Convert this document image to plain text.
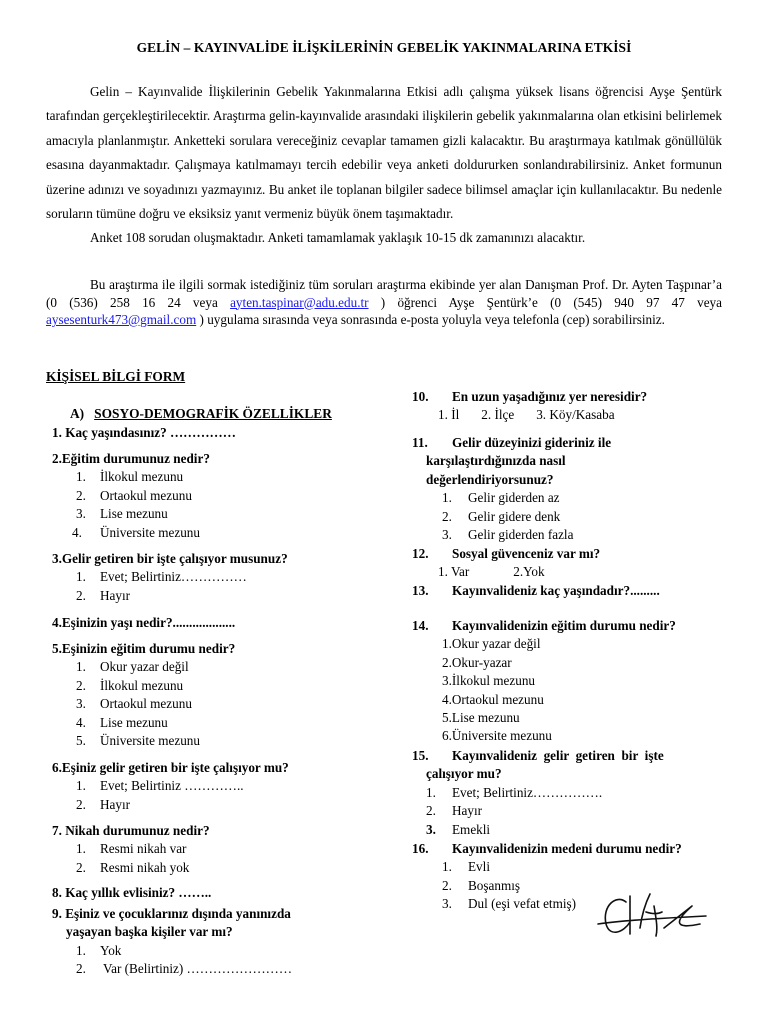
GELİN – KAYINVALİDE İLİŞKİLERİNİN GEBELİK YAKINMALARINA ETKİSİ

Gelin – Kayınvalide İlişkilerinin Gebelik Yakınmalarına Etkisi adlı çalışma yüksek lisans öğrencisi Ayşe Şentürk tarafından gerçekleştirilecektir. Araştırma gelin-kayınvalide arasındaki ilişkilerin gebelik yakınmalarına olan etkisini belirlemek amacıyla planlanmıştır. Anketteki sorulara vereceğiniz cevaplar tamamen gizli kalacaktır. Bu araştırmaya katılmak gönüllülük esasına dayanmaktadır. Çalışmaya katılmamayı tercih edebilir veya anketi doldururken sonlandırabilirsiniz. Anket formunun üzerine adınızı ve soyadınızı yazmayınız. Bu anket ile toplanan bilgiler sadece bilimsel amaçlar için kullanılacaktır. Bu nedenle soruların tümüne doğru ve eksiksiz yanıt vermeniz büyük önem taşımaktadır.

Anket 108 sorudan oluşmaktadır. Anketi tamamlamak yaklaşık 10-15 dk zamanınızı alacaktır.

Bu araştırma ile ilgili sormak istediğiniz tüm soruları araştırma ekibinde yer alan Danışman Prof. Dr. Ayten Taşpınar’a (0 (536) 258 16 24 veya ayten.taspinar@adu.edu.tr ) öğrenci Ayşe Şentürk’e (0 (545) 940 97 47 veya aysesenturk473@gmail.com ) uygulama sırasında veya sonrasında e-posta yoluyla veya telefonla (cep) sorabilirsiniz.

KİŞİSEL BİLGİ FORM
A) SOSYO-DEMOGRAFİK ÖZELLİKLER
1. Kaç yaşındasınız? ……………
2.Eğitim durumunuz nedir?
1.	İlkokul mezunu
2.	Ortaokul mezunu
3.	Lise mezunu
4.	Üniversite mezunu
3.Gelir getiren bir işte çalışıyor musunuz?
1.	Evet; Belirtiniz……………
2.	Hayır
4.Eşinizin yaşı nedir?...................
5.Eşinizin eğitim durumu nedir?
1.	Okur yazar değil
2.	İlkokul mezunu
3.	Ortaokul mezunu
4.	Lise mezunu
5.	Üniversite mezunu
6.Eşiniz gelir getiren bir işte çalışıyor mu?
1.	Evet; Belirtiniz …………..
2.	Hayır
7. Nikah durumunuz nedir?
1.	Resmi nikah var
2.	Resmi nikah yok
8. Kaç yıllık evlisiniz? ……..
9. Eşiniz ve çocuklarınız dışında yanınızda
yaşayan başka kişiler var mı?
1.	Yok
2.	Var (Belirtiniz) ……………………
10. En uzun yaşadığınız yer neresidir?
1. İl 2. İlçe 3. Köy/Kasaba
11. Gelir düzeyinizi gideriniz ile
karşılaştırdığınızda nasıl
değerlendiriyorsunuz?
1.	Gelir giderden az
2.	Gelir gidere denk
3.	Gelir giderden fazla
12. Sosyal güvenceniz var mı?
1. Var	2.Yok
13. Kayınvalideniz kaç yaşındadır?.........
14. Kayınvalidenizin eğitim durumu nedir?
1.Okur yazar değil
2.Okur-yazar
3.İlkokul mezunu
4.Ortaokul mezunu
5.Lise mezunu
6.Üniversite mezunu
15. Kayınvalideniz  gelir  getiren  bir  işte
çalışıyor mu?
1.	Evet; Belirtiniz…………….
2.	Hayır
3.	Emekli
16. Kayınvalidenizin medeni durumu nedir?
1.	Evli
2.	Boşanmış
3.	Dul (eşi vefat etmiş)
